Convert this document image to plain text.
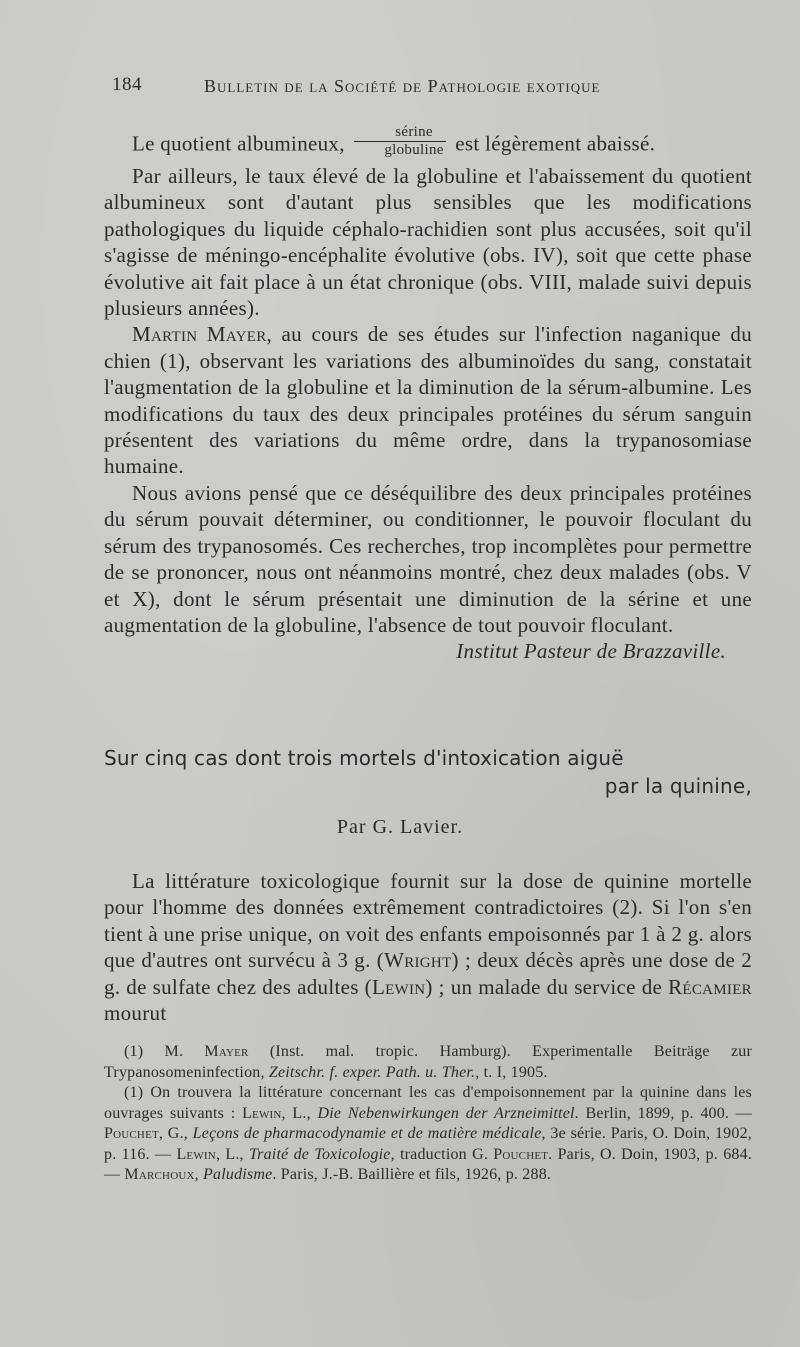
184	Bulletin de la Société de Pathologie exotique

Le quotient albumineux, $\frac{\text{sérine}}{\text{globuline}}$ est légèrement abaissé.

Par ailleurs, le taux élevé de la globuline et l'abaissement du quotient albumineux sont d'autant plus sensibles que les modifications pathologiques du liquide céphalo-rachidien sont plus accusées, soit qu'il s'agisse de méningo-encéphalite évolutive (obs. IV), soit que cette phase évolutive ait fait place à un état chronique (obs. VIII, malade suivi depuis plusieurs années).

Martin Mayer, au cours de ses études sur l'infection naganique du chien (1), observant les variations des albuminoïdes du sang, constatait l'augmentation de la globuline et la diminution de la sérum-albumine. Les modifications du taux des deux principales protéines du sérum sanguin présentent des variations du même ordre, dans la trypanosomiase humaine.

Nous avions pensé que ce déséquilibre des deux principales protéines du sérum pouvait déterminer, ou conditionner, le pouvoir floculant du sérum des trypanosomés. Ces recherches, trop incomplètes pour permettre de se prononcer, nous ont néanmoins montré, chez deux malades (obs. V et X), dont le sérum présentait une diminution de la sérine et une augmentation de la globuline, l'absence de tout pouvoir floculant.

Institut Pasteur de Brazzaville.

Sur cinq cas dont trois mortels d'intoxication aiguë
par la quinine,
Par G. Lavier.

La littérature toxicologique fournit sur la dose de quinine mortelle pour l'homme des données extrêmement contradictoires (2). Si l'on s'en tient à une prise unique, on voit des enfants empoisonnés par 1 à 2 g. alors que d'autres ont survécu à 3 g. (Wright) ; deux décès après une dose de 2 g. de sulfate chez des adultes (Lewin) ; un malade du service de Récamier mourut

(1) M. Mayer (Inst. mal. tropic. Hamburg). Experimentalle Beiträge zur Trypanosomeninfection, Zeitschr. f. exper. Path. u. Ther., t. I, 1905.

(1) On trouvera la littérature concernant les cas d'empoisonnement par la quinine dans les ouvrages suivants : Lewin, L., Die Nebenwirkungen der Arzneimittel. Berlin, 1899, p. 400. — Pouchet, G., Leçons de pharmacodynamie et de matière médicale, 3e série. Paris, O. Doin, 1902, p. 116. — Lewin, L., Traité de Toxicologie, traduction G. Pouchet. Paris, O. Doin, 1903, p. 684. — Marchoux, Paludisme. Paris, J.-B. Baillière et fils, 1926, p. 288.
